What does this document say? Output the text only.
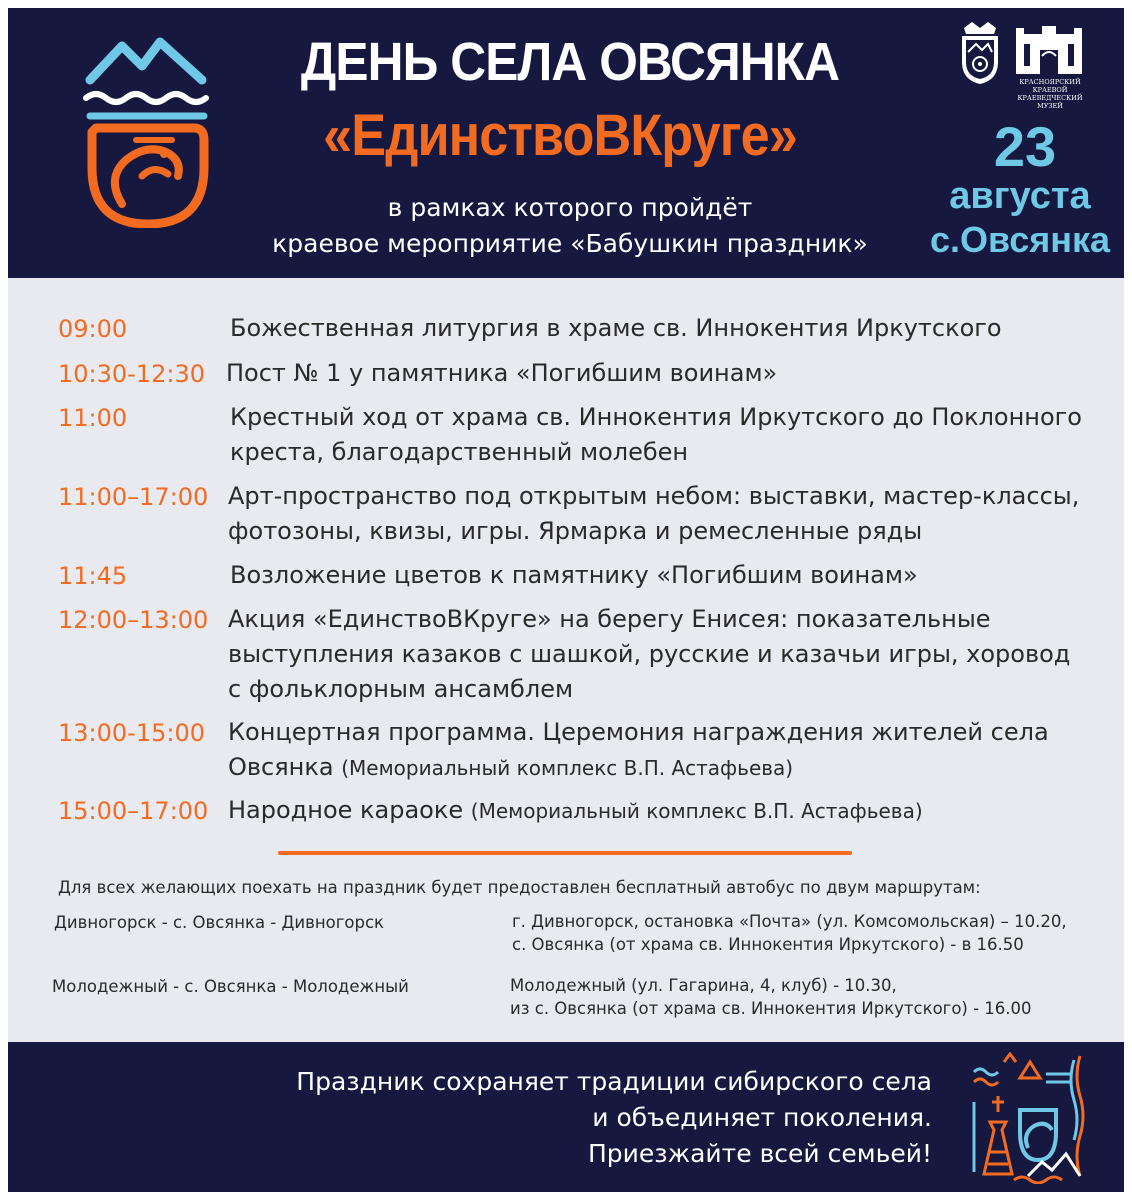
ДЕНЬ СЕЛА ОВСЯНКА
«ЕдинствоВКруге»
в рамках которого пройдёт
краевое мероприятие «Бабушкин праздник»
23
августа
с.Овсянка
КРАСНОЯРСКИЙ КРАЕВОЙ
КРАЕВЕДЧЕСКИЙ МУЗЕЙ
09:00	Божественная литургия в храме св. Иннокентия Иркутского
10:30-12:30 Пост № 1 у памятника «Погибшим воинам»
11:00	Крестный ход от храма св. Иннокентия Иркутского до Поклонного
креста, благодарственный молебен
11:00–17:00 Арт-пространство под открытым небом: выставки, мастер-классы,
фотозоны, квизы, игры. Ярмарка и ремесленные ряды
11:45	Возложение цветов к памятнику «Погибшим воинам»
12:00–13:00 Акция «ЕдинствоВКруге» на берегу Енисея: показательные
выступления казаков с шашкой, русские и казачьи игры, хоровод
с фольклорным ансамблем
13:00-15:00 Концертная программа. Церемония награждения жителей села
Овсянка (Мемориальный комплекс В.П. Астафьева)
15:00–17:00 Народное караоке (Мемориальный комплекс В.П. Астафьева)
Для всех желающих поехать на праздник будет предоставлен бесплатный автобус по двум маршрутам:
Дивногорск - с. Овсянка - Дивногорск	г. Дивногорск, остановка «Почта» (ул. Комсомольская) – 10.20,
с. Овсянка (от храма св. Иннокентия Иркутского) - в 16.50
Молодежный - с. Овсянка - Молодежный	Молодежный (ул. Гагарина, 4, клуб) - 10.30,
из с. Овсянка (от храма св. Иннокентия Иркутского) - 16.00
Праздник сохраняет традиции сибирского села
и объединяет поколения.
Приезжайте всей семьей!
